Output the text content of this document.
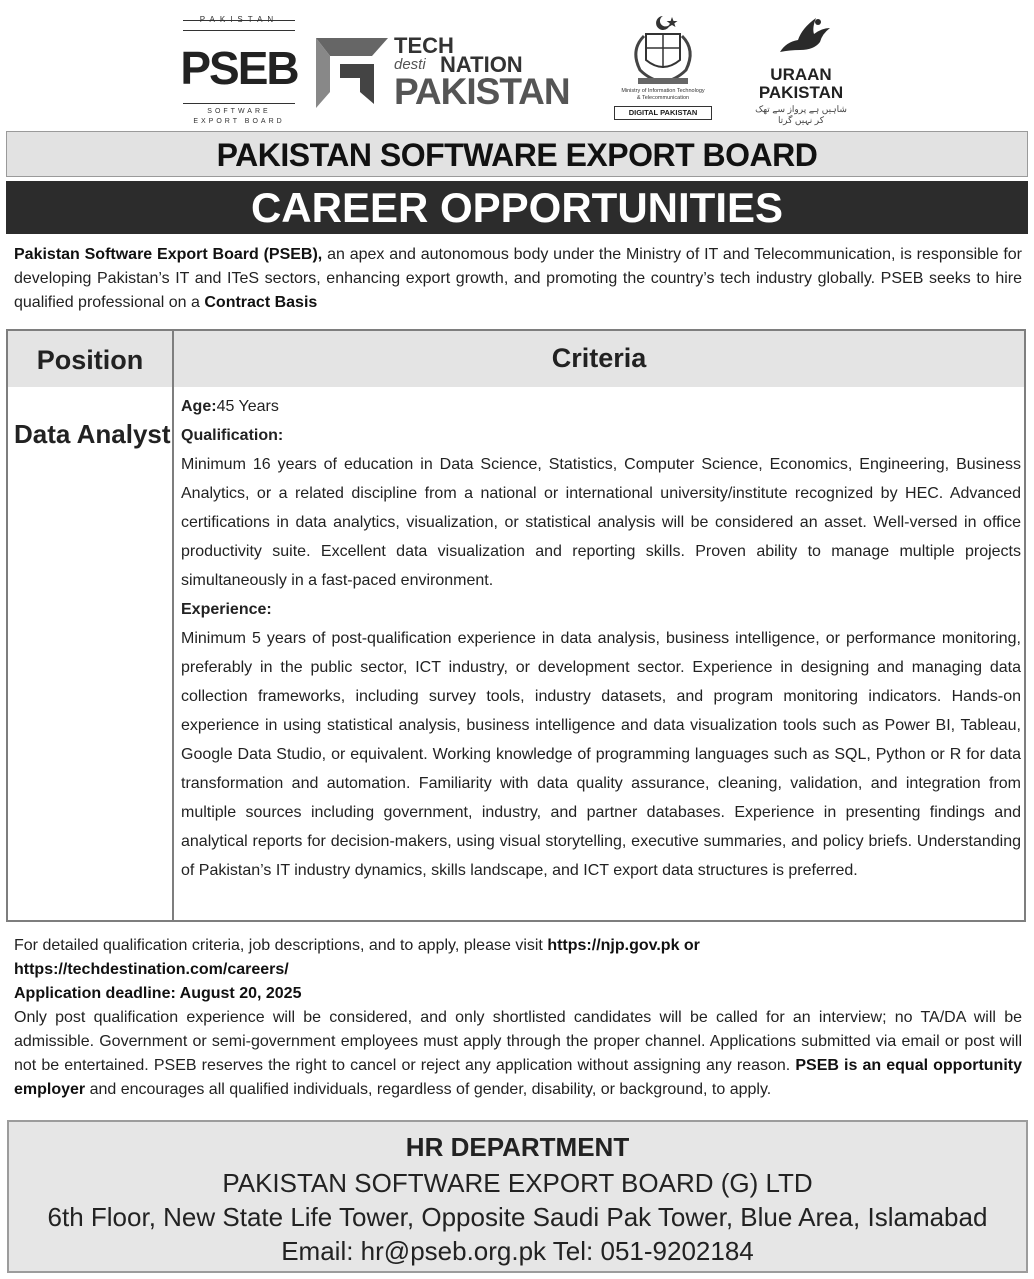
PAKISTAN
PSEB
SOFTWARE
EXPORT BOARD
TECH
desti NATION
PAKISTAN	Ministry of Information Technology
& Telecommunication
DIGITAL PAKISTAN
URAAN
PAKISTAN
شاہیں ہے پرواز سے تھک کر نہیں گرتا
PAKISTAN SOFTWARE EXPORT BOARD
CAREER OPPORTUNITIES
Pakistan Software Export Board (PSEB), an apex and autonomous body under the Ministry of IT and Telecommunication, is responsible for developing Pakistan’s IT and ITeS sectors, enhancing export growth, and promoting the country’s tech industry globally. PSEB seeks to hire qualified professional on a Contract Basis
Position	Criteria
Data Analyst

Age:45 Years

Qualification:

Minimum 16 years of education in Data Science, Statistics, Computer Science, Economics, Engineering, Business Analytics, or a related discipline from a national or international university/institute recognized by HEC. Advanced certifications in data analytics, visualization, or statistical analysis will be considered an asset. Well-versed in office productivity suite. Excellent data visualization and reporting skills. Proven ability to manage multiple projects simultaneously in a fast-paced environment.

Experience:

Minimum 5 years of post-qualification experience in data analysis, business intelligence, or performance monitoring, preferably in the public sector, ICT industry, or development sector. Experience in designing and managing data collection frameworks, including survey tools, industry datasets, and program monitoring indicators. Hands-on experience in using statistical analysis, business intelligence and data visualization tools such as Power BI, Tableau, Google Data Studio, or equivalent. Working knowledge of programming languages such as SQL, Python or R for data transformation and automation. Familiarity with data quality assurance, cleaning, validation, and integration from multiple sources including government, industry, and partner databases. Experience in presenting findings and analytical reports for decision-makers, using visual storytelling, executive summaries, and policy briefs. Understanding of Pakistan’s IT industry dynamics, skills landscape, and ICT export data structures is preferred.

For detailed qualification criteria, job descriptions, and to apply, please visit https://njp.gov.pk or

https://techdestination.com/careers/

Application deadline: August 20, 2025

Only post qualification experience will be considered, and only shortlisted candidates will be called for an interview; no TA/DA will be admissible. Government or semi-government employees must apply through the proper channel. Applications submitted via email or post will not be entertained. PSEB reserves the right to cancel or reject any application without assigning any reason. PSEB is an equal opportunity employer and encourages all qualified individuals, regardless of gender, disability, or background, to apply.

HR DEPARTMENT
PAKISTAN SOFTWARE EXPORT BOARD (G) LTD
6th Floor, New State Life Tower, Opposite Saudi Pak Tower, Blue Area, Islamabad
Email: hr@pseb.org.pk Tel: 051-9202184
